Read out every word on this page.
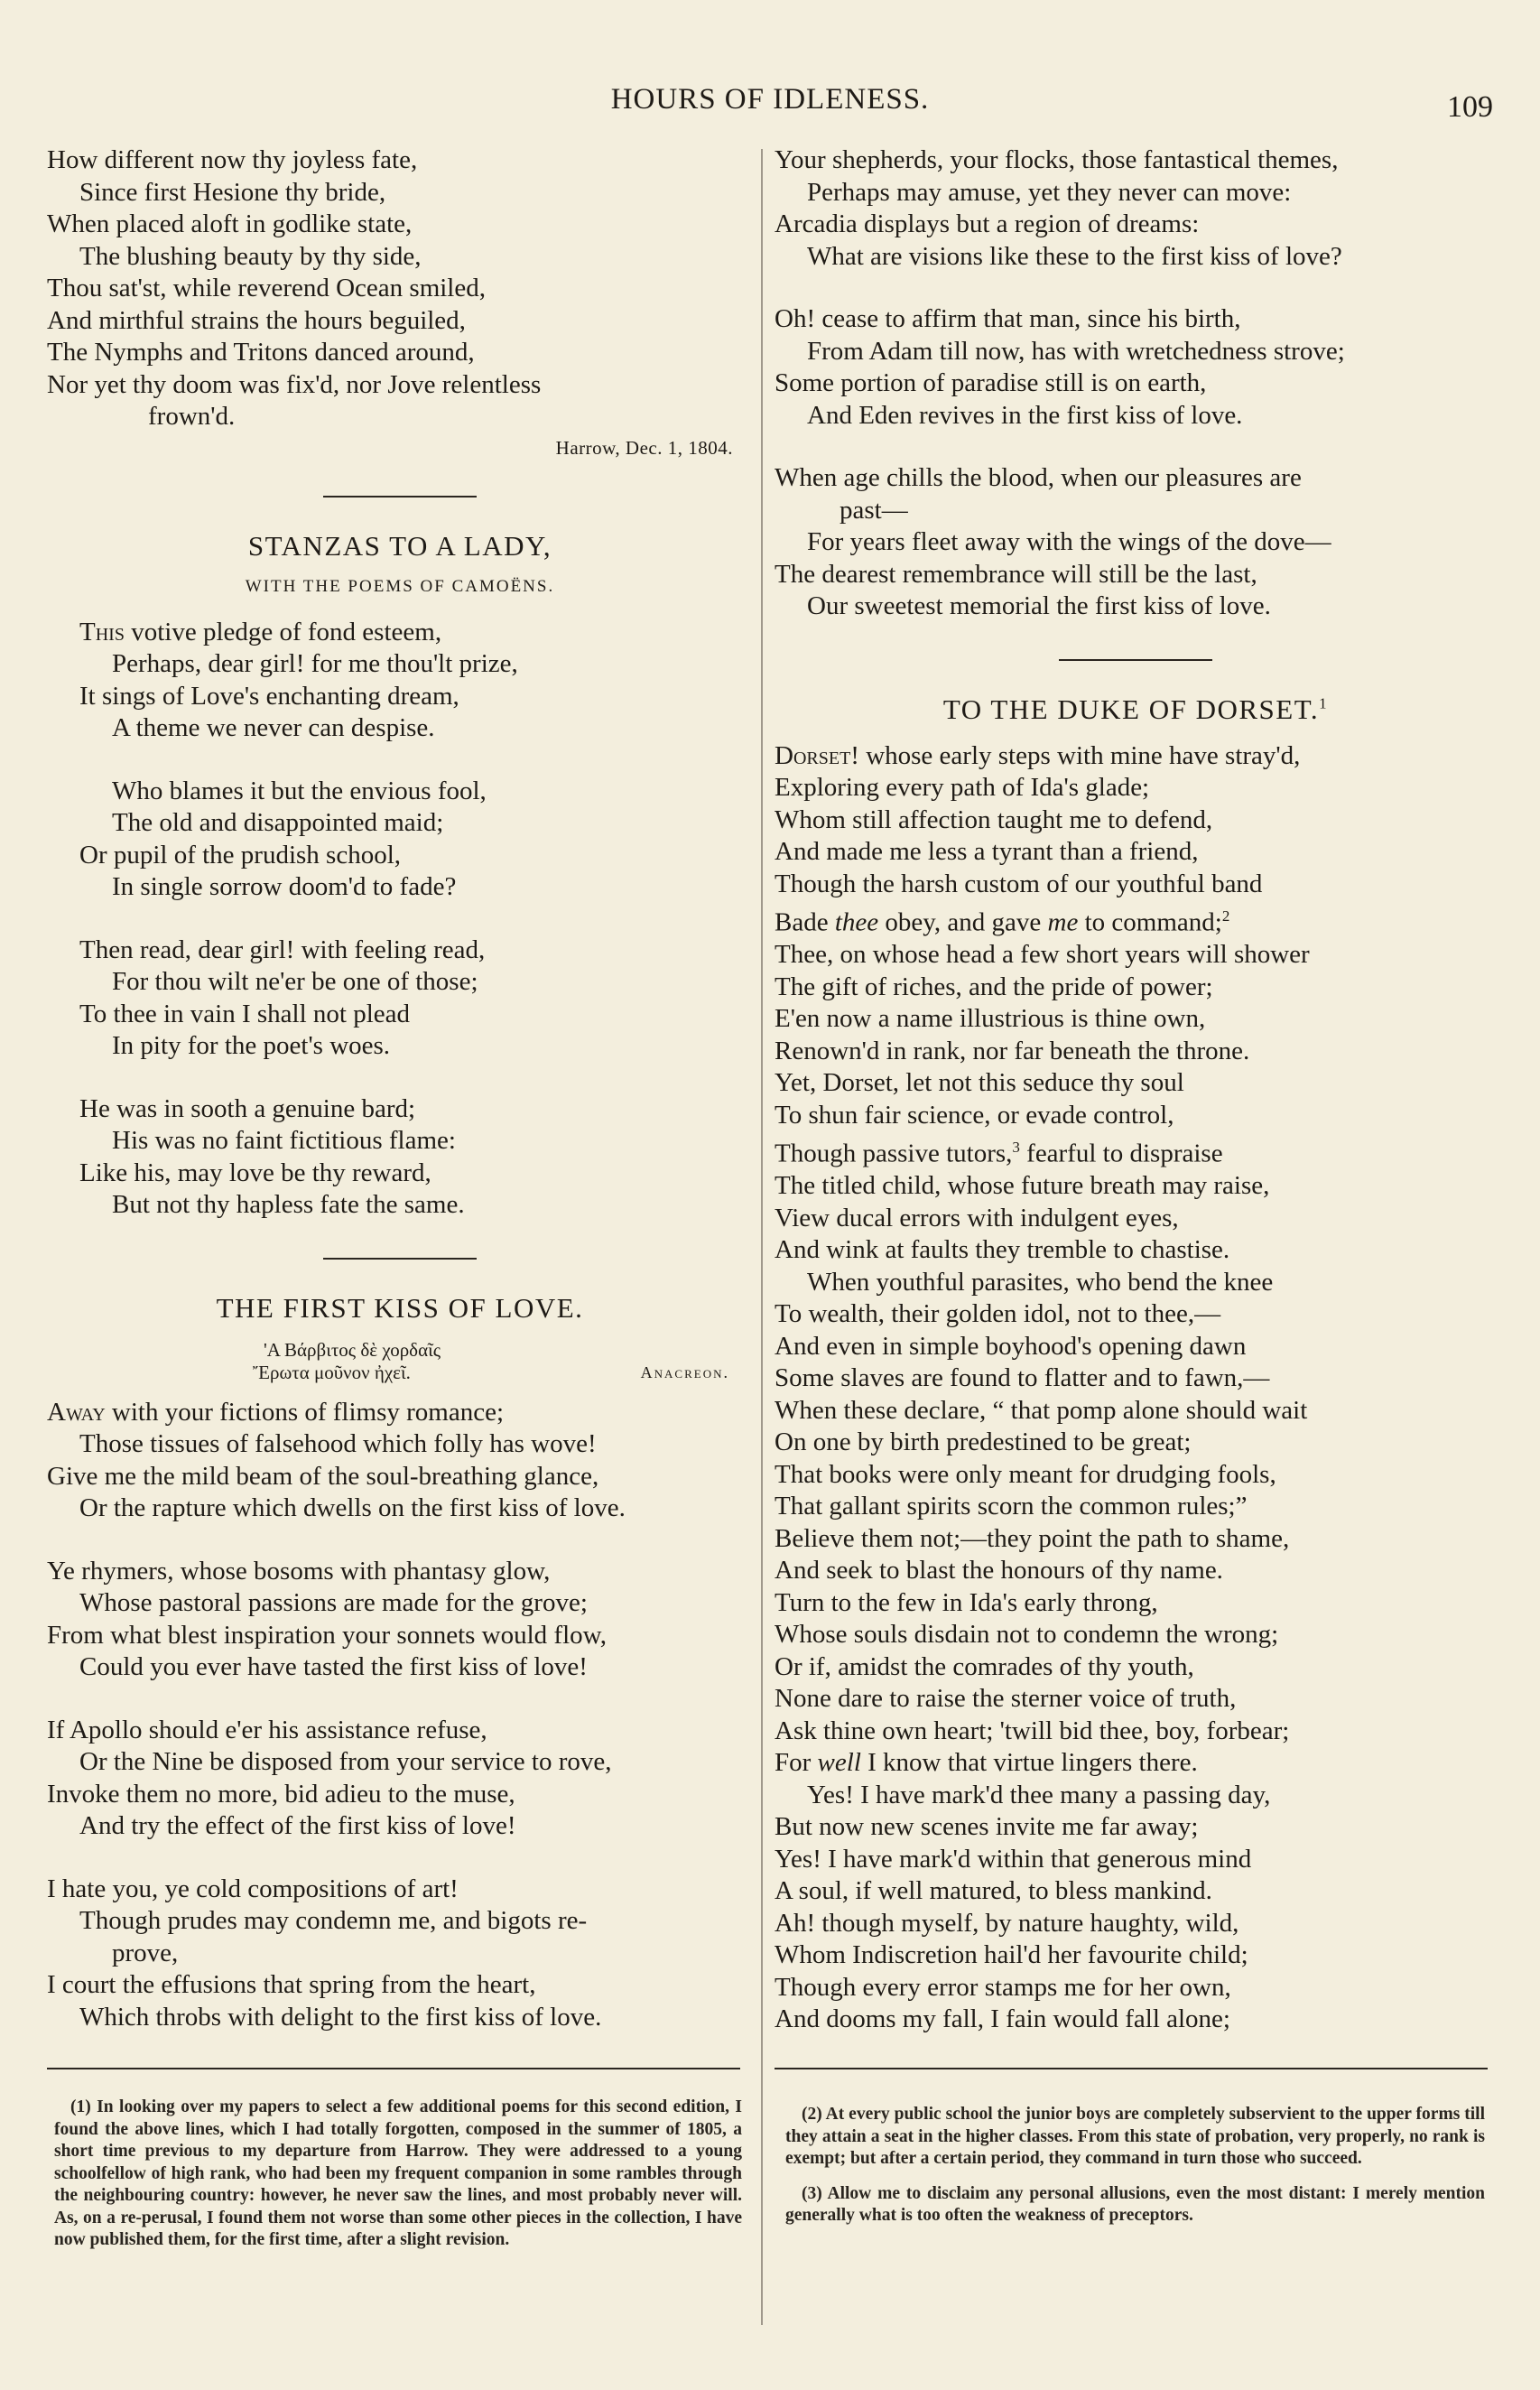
HOURS OF IDLENESS.	109
How different now thy joyless fate,
Since first Hesione thy bride,
When placed aloft in godlike state,
The blushing beauty by thy side,
Thou sat'st, while reverend Ocean smiled,
And mirthful strains the hours beguiled,
The Nymphs and Tritons danced around,
Nor yet thy doom was fix'd, nor Jove relentless
frown'd.
Harrow, Dec. 1, 1804.
STANZAS TO A LADY,
WITH THE POEMS OF CAMOËNS.
This votive pledge of fond esteem,
Perhaps, dear girl! for me thou'lt prize,
It sings of Love's enchanting dream,
A theme we never can despise.
Who blames it but the envious fool,
The old and disappointed maid;
Or pupil of the prudish school,
In single sorrow doom'd to fade?
Then read, dear girl! with feeling read,
For thou wilt ne'er be one of those;
To thee in vain I shall not plead
In pity for the poet's woes.
He was in sooth a genuine bard;
His was no faint fictitious flame:
Like his, may love be thy reward,
But not thy hapless fate the same.
THE FIRST KISS OF LOVE.
'Α Βάρβιτος δὲ χορδαῖς
Ἔρωτα μοῦνον ἠχεῖ.	Anacreon.
Away with your fictions of flimsy romance;
Those tissues of falsehood which folly has wove!
Give me the mild beam of the soul-breathing glance,
Or the rapture which dwells on the first kiss of love.
Ye rhymers, whose bosoms with phantasy glow,
Whose pastoral passions are made for the grove;
From what blest inspiration your sonnets would flow,
Could you ever have tasted the first kiss of love!
If Apollo should e'er his assistance refuse,
Or the Nine be disposed from your service to rove,
Invoke them no more, bid adieu to the muse,
And try the effect of the first kiss of love!
I hate you, ye cold compositions of art!
Though prudes may condemn me, and bigots re-
prove,
I court the effusions that spring from the heart,
Which throbs with delight to the first kiss of love.
Your shepherds, your flocks, those fantastical themes,
Perhaps may amuse, yet they never can move:
Arcadia displays but a region of dreams:
What are visions like these to the first kiss of love?
Oh! cease to affirm that man, since his birth,
From Adam till now, has with wretchedness strove;
Some portion of paradise still is on earth,
And Eden revives in the first kiss of love.
When age chills the blood, when our pleasures are
past—
For years fleet away with the wings of the dove—
The dearest remembrance will still be the last,
Our sweetest memorial the first kiss of love.
TO THE DUKE OF DORSET.$^1$
Dorset! whose early steps with mine have stray'd,
Exploring every path of Ida's glade;
Whom still affection taught me to defend,
And made me less a tyrant than a friend,
Though the harsh custom of our youthful band
Bade thee obey, and gave me to command;$^2$
Thee, on whose head a few short years will shower
The gift of riches, and the pride of power;
E'en now a name illustrious is thine own,
Renown'd in rank, nor far beneath the throne.
Yet, Dorset, let not this seduce thy soul
To shun fair science, or evade control,
Though passive tutors,$^3$ fearful to dispraise
The titled child, whose future breath may raise,
View ducal errors with indulgent eyes,
And wink at faults they tremble to chastise.
When youthful parasites, who bend the knee
To wealth, their golden idol, not to thee,—
And even in simple boyhood's opening dawn
Some slaves are found to flatter and to fawn,—
When these declare, “ that pomp alone should wait
On one by birth predestined to be great;
That books were only meant for drudging fools,
That gallant spirits scorn the common rules;”
Believe them not;—they point the path to shame,
And seek to blast the honours of thy name.
Turn to the few in Ida's early throng,
Whose souls disdain not to condemn the wrong;
Or if, amidst the comrades of thy youth,
None dare to raise the sterner voice of truth,
Ask thine own heart; 'twill bid thee, boy, forbear;
For well I know that virtue lingers there.
Yes! I have mark'd thee many a passing day,
But now new scenes invite me far away;
Yes! I have mark'd within that generous mind
A soul, if well matured, to bless mankind.
Ah! though myself, by nature haughty, wild,
Whom Indiscretion hail'd her favourite child;
Though every error stamps me for her own,
And dooms my fall, I fain would fall alone;

(1) In looking over my papers to select a few additional poems for this second edition, I found the above lines, which I had totally forgotten, composed in the summer of 1805, a short time previous to my departure from Harrow. They were addressed to a young schoolfellow of high rank, who had been my frequent companion in some rambles through the neighbouring country: however, he never saw the lines, and most probably never will. As, on a re-perusal, I found them not worse than some other pieces in the collection, I have now published them, for the first time, after a slight revision.

(2) At every public school the junior boys are completely subservient to the upper forms till they attain a seat in the higher classes. From this state of probation, very properly, no rank is exempt; but after a certain period, they command in turn those who succeed.

(3) Allow me to disclaim any personal allusions, even the most distant: I merely mention generally what is too often the weakness of preceptors.
